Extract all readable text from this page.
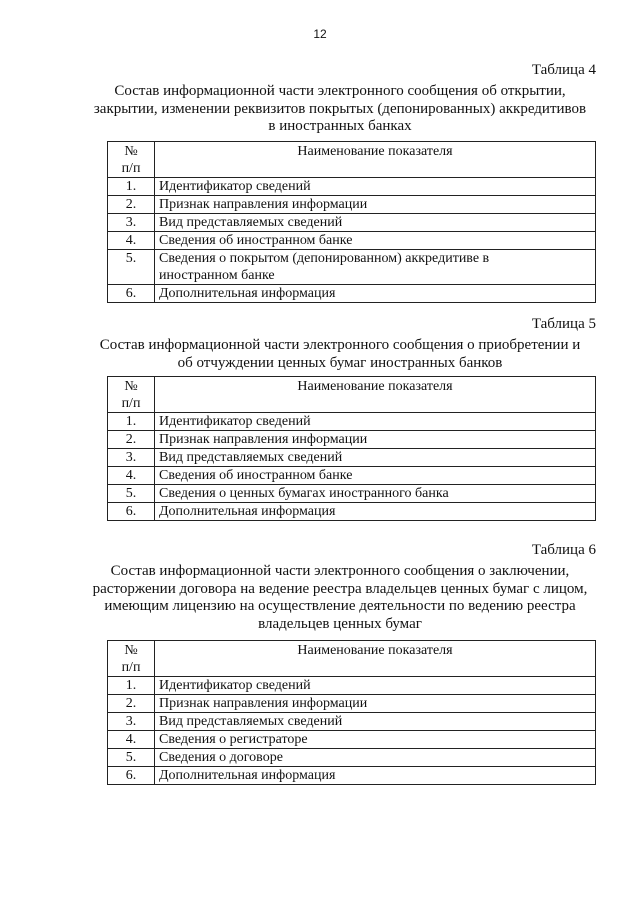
12
Таблица 4
Состав информационной части электронного сообщения об открытии,
закрытии, изменении реквизитов покрытых (депонированных) аккредитивов
в иностранных банках
№
п/п	Наименование показателя
1.	Идентификатор сведений
2.	Признак направления информации
3.	Вид представляемых сведений
4.	Сведения об иностранном банке
5.	Сведения о покрытом (депонированном) аккредитиве в
иностранном банке

6.	Дополнительная информация
Таблица 5
Состав информационной части электронного сообщения о приобретении и
об отчуждении ценных бумаг иностранных банков
№
п/п	Наименование показателя
1.	Идентификатор сведений
2.	Признак направления информации
3.	Вид представляемых сведений
4.	Сведения об иностранном банке
5.	Сведения о ценных бумагах иностранного банка
6.	Дополнительная информация
Таблица 6
Состав информационной части электронного сообщения о заключении,
расторжении договора на ведение реестра владельцев ценных бумаг с лицом,
имеющим лицензию на осуществление деятельности по ведению реестра
владельцев ценных бумаг
№
п/п	Наименование показателя
1.	Идентификатор сведений
2.	Признак направления информации
3.	Вид представляемых сведений
4.	Сведения о регистраторе
5.	Сведения о договоре
6.	Дополнительная информация
